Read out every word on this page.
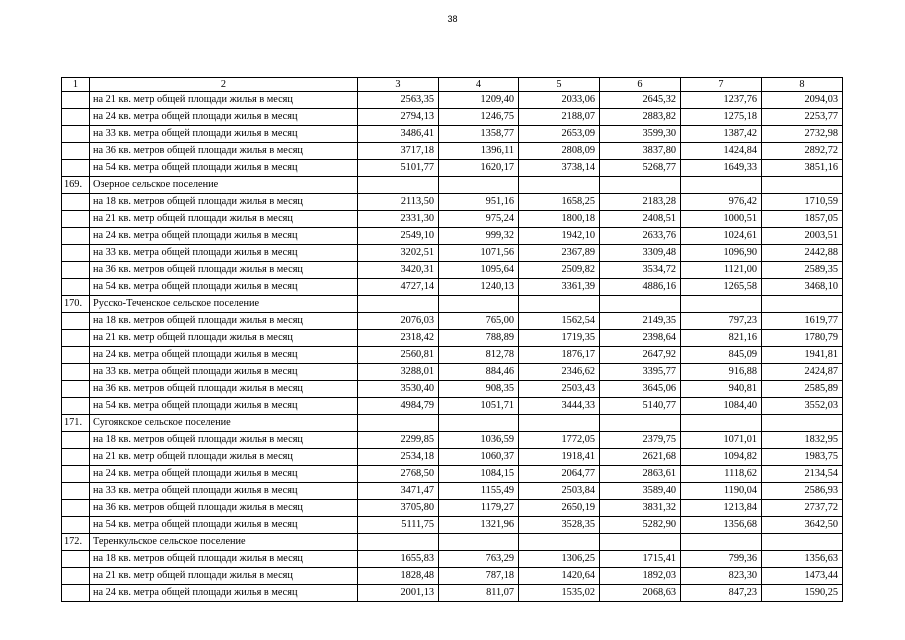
38
1	2	3	4	5	6	7	8
	на 21 кв. метр общей площади жилья в месяц	2563,35	1209,40	2033,06	2645,32	1237,76	2094,03
	на 24 кв. метра общей площади жилья в месяц	2794,13	1246,75	2188,07	2883,82	1275,18	2253,77
	на 33 кв. метра общей площади жилья в месяц	3486,41	1358,77	2653,09	3599,30	1387,42	2732,98
	на 36 кв. метров общей площади жилья в месяц	3717,18	1396,11	2808,09	3837,80	1424,84	2892,72
	на 54 кв. метра общей площади жилья в месяц	5101,77	1620,17	3738,14	5268,77	1649,33	3851,16
169.	Озерное сельское поселение						
	на 18 кв. метров общей площади жилья в месяц	2113,50	951,16	1658,25	2183,28	976,42	1710,59
	на 21 кв. метр общей площади жилья в месяц	2331,30	975,24	1800,18	2408,51	1000,51	1857,05
	на 24 кв. метра общей площади жилья в месяц	2549,10	999,32	1942,10	2633,76	1024,61	2003,51
	на 33 кв. метра общей площади жилья в месяц	3202,51	1071,56	2367,89	3309,48	1096,90	2442,88
	на 36 кв. метров общей площади жилья в месяц	3420,31	1095,64	2509,82	3534,72	1121,00	2589,35
	на 54 кв. метра общей площади жилья в месяц	4727,14	1240,13	3361,39	4886,16	1265,58	3468,10
170.	Русско-Теченское сельское поселение						
	на 18 кв. метров общей площади жилья в месяц	2076,03	765,00	1562,54	2149,35	797,23	1619,77
	на 21 кв. метр общей площади жилья в месяц	2318,42	788,89	1719,35	2398,64	821,16	1780,79
	на 24 кв. метра общей площади жилья в месяц	2560,81	812,78	1876,17	2647,92	845,09	1941,81
	на 33 кв. метра общей площади жилья в месяц	3288,01	884,46	2346,62	3395,77	916,88	2424,87
	на 36 кв. метров общей площади жилья в месяц	3530,40	908,35	2503,43	3645,06	940,81	2585,89
	на 54 кв. метра общей площади жилья в месяц	4984,79	1051,71	3444,33	5140,77	1084,40	3552,03
171.	Сугоякское сельское поселение						
	на 18 кв. метров общей площади жилья в месяц	2299,85	1036,59	1772,05	2379,75	1071,01	1832,95
	на 21 кв. метр общей площади жилья в месяц	2534,18	1060,37	1918,41	2621,68	1094,82	1983,75
	на 24 кв. метра общей площади жилья в месяц	2768,50	1084,15	2064,77	2863,61	1118,62	2134,54
	на 33 кв. метра общей площади жилья в месяц	3471,47	1155,49	2503,84	3589,40	1190,04	2586,93
	на 36 кв. метров общей площади жилья в месяц	3705,80	1179,27	2650,19	3831,32	1213,84	2737,72
	на 54 кв. метра общей площади жилья в месяц	5111,75	1321,96	3528,35	5282,90	1356,68	3642,50
172.	Теренкульское сельское поселение						
	на 18 кв. метров общей площади жилья в месяц	1655,83	763,29	1306,25	1715,41	799,36	1356,63
	на 21 кв. метр общей площади жилья в месяц	1828,48	787,18	1420,64	1892,03	823,30	1473,44
	на 24 кв. метра общей площади жилья в месяц	2001,13	811,07	1535,02	2068,63	847,23	1590,25
